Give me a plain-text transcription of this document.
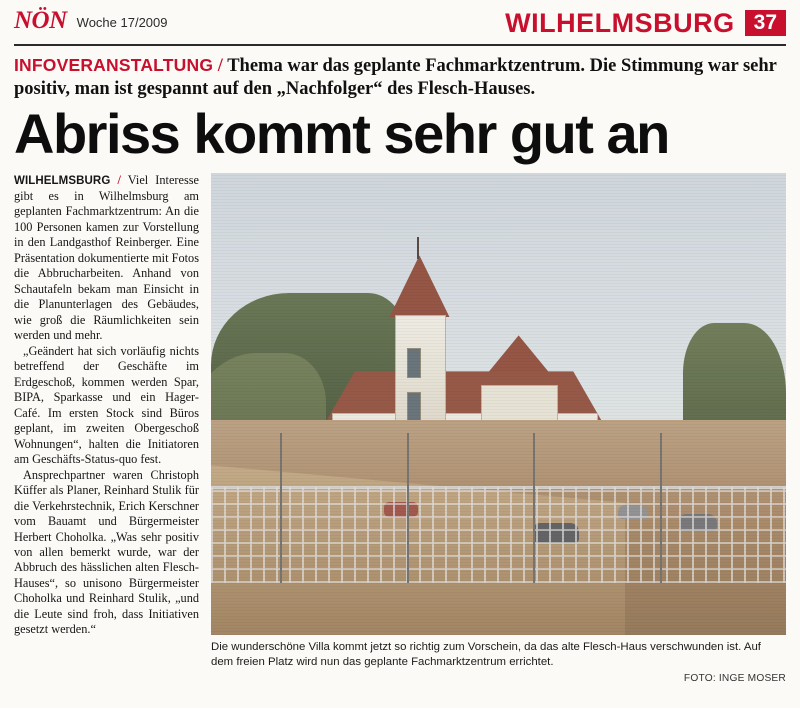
NÖN Woche 17/2009	WILHELMSBURG 37
INFOVERANSTALTUNG / Thema war das geplante Fachmarktzentrum. Die Stimmung war sehr positiv, man ist gespannt auf den „Nachfolger“ des Flesch-Hauses.
Abriss kommt sehr gut an

WILHELMSBURG / Viel Interesse gibt es in Wilhelmsburg am geplanten Fachmarktzentrum: An die 100 Personen kamen zur Vorstellung in den Landgasthof Reinberger. Eine Präsentation dokumentierte mit Fotos die Abbrucharbeiten. Anhand von Schautafeln bekam man Einsicht in die Planunterlagen des Gebäudes, wie groß die Räumlichkeiten sein werden und mehr.

„Geändert hat sich vorläufig nichts betreffend der Geschäfte im Erdgeschoß, kommen werden Spar, BIPA, Sparkasse und ein Hager-Café. Im ersten Stock sind Büros geplant, im zweiten Obergeschoß Wohnungen“, halten die Initiatoren am Geschäfts-Status-quo fest.

Ansprechpartner waren Christoph Küffer als Planer, Reinhard Stulik für die Verkehrstechnik, Erich Kerschner vom Bauamt und Bürgermeister Herbert Choholka. „Was sehr positiv von allen bemerkt wurde, war der Abbruch des hässlichen alten Flesch-Hauses“, so unisono Bürgermeister Choholka und Reinhard Stulik, „und die Leute sind froh, dass Initiativen gesetzt werden.“

Die wunderschöne Villa kommt jetzt so richtig zum Vorschein, da das alte Flesch-Haus verschwunden ist. Auf dem freien Platz wird nun das geplante Fachmarktzentrum errichtet.
FOTO: INGE MOSER
